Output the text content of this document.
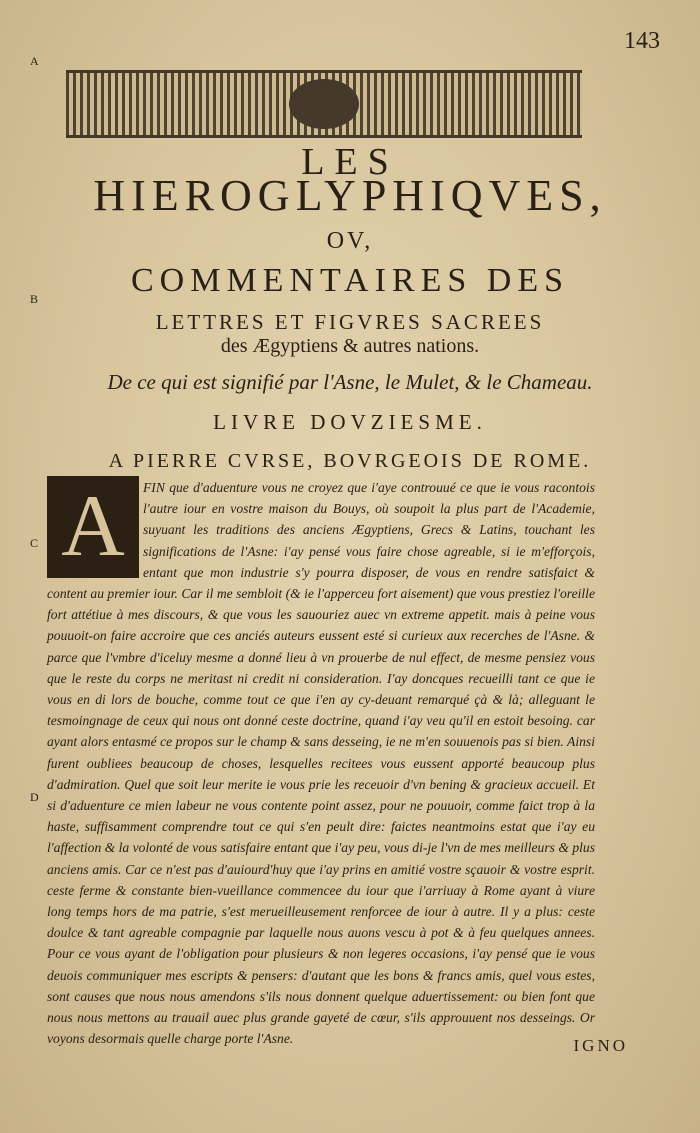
143
A
B
C
D
LES
HIEROGLYPHIQVES,
OV,
COMMENTAIRES DES
LETTRES ET FIGVRES SACREES
des Ægyptiens & autres nations.
De ce qui est signifié par l'Asne, le Mulet, & le Chameau.
LIVRE DOVZIESME.
A PIERRE CVRSE, BOVRGEOIS DE ROME.
A	FIN que d'aduenture vous ne croyez que i'aye controuué ce que ie vous racontois l'autre iour en vostre maison du Bouys, où soupoit la plus part de l'Academie, suyuant les traditions des anciens Ægyptiens, Grecs & Latins, touchant les significations de l'Asne: i'ay pensé vous faire chose agreable, si ie m'efforçois, entant que mon industrie s'y pourra disposer, de vous en rendre satisfaict & content au premier iour. Car il me sembloit (& ie l'apperceu fort aisement) que vous prestiez l'oreille fort attétiue à mes discours, & que vous les sauouriez auec vn extreme appetit. mais à peine vous pouuoit-on faire accroire que ces anciés auteurs eussent esté si curieux aux recerches de l'Asne. & parce que l'vmbre d'iceluy mesme a donné lieu à vn prouerbe de nul effect, de mesme pensiez vous que le reste du corps ne meritast ni credit ni consideration. I'ay doncques recueilli tant ce que ie vous en di lors de bouche, comme tout ce que i'en ay cy-deuant remarqué çà & là; alleguant le tesmoingnage de ceux qui nous ont donné ceste doctrine, quand i'ay veu qu'il en estoit besoing. car ayant alors entasmé ce propos sur le champ & sans desseing, ie ne m'en souuenois pas si bien. Ainsi furent oubliees beaucoup de choses, lesquelles recitees vous eussent apporté beaucoup plus d'admiration. Quel que soit leur merite ie vous prie les receuoir d'vn bening & gracieux accueil. Et si d'aduenture ce mien labeur ne vous contente point assez, pour ne pouuoir, comme faict trop à la haste, suffisamment comprendre tout ce qui s'en peult dire: faictes neantmoins estat que i'ay eu l'affection & la volonté de vous satisfaire entant que i'ay peu, vous di-je l'vn de mes meilleurs & plus anciens amis. Car ce n'est pas d'auiourd'huy que i'ay prins en amitié vostre sçauoir & vostre esprit. ceste ferme & constante bien-vueillance commencee du iour que i'arriuay à Rome ayant à viure long temps hors de ma patrie, s'est merueilleusement renforcee de iour à autre. Il y a plus: ceste doulce & tant agreable compagnie par laquelle nous auons vescu à pot & à feu quelques annees. Pour ce vous ayant de l'obligation pour plusieurs & non legeres occasions, i'ay pensé que ie vous deuois communiquer mes escripts & pensers: d'autant que les bons & francs amis, quel vous estes, sont causes que nous nous amendons s'ils nous donnent quelque aduertissement: ou bien font que nous nous mettons au trauail auec plus grande gayeté de cœur, s'ils approuuent nos desseings. Or voyons desormais quelle charge porte l'Asne.	IGNO
